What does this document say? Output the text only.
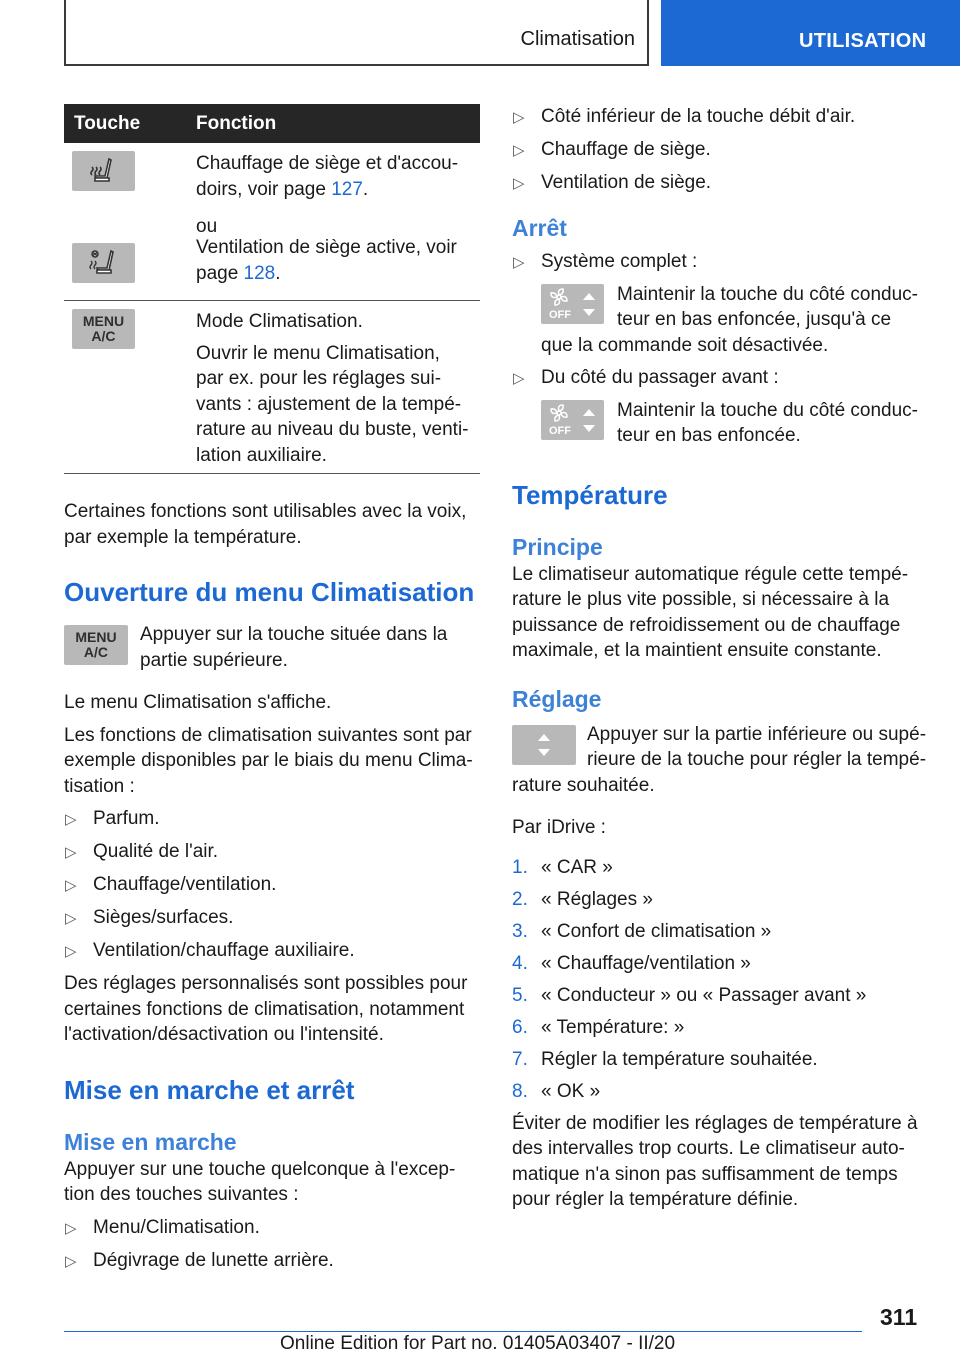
Climatisation	UTILISATION
Touche	Fonction
Chauffage de siège et d'accou-
doirs, voir page 127.
ou
Ventilation de siège active, voir
page 128.
MENU
A/C
Mode Climatisation.
Ouvrir le menu Climatisation,
par ex. pour les réglages sui-
vants : ajustement de la tempé-
rature au niveau du buste, venti-
lation auxiliaire.
Certaines fonctions sont utilisables avec la voix,
par exemple la température.
Ouverture du menu Climatisation
MENU
A/C
Appuyer sur la touche située dans la
partie supérieure.
Le menu Climatisation s'affiche.
Les fonctions de climatisation suivantes sont par
exemple disponibles par le biais du menu Clima-
tisation :
▷ Parfum.
▷ Qualité de l'air.
▷ Chauffage/ventilation.
▷ Sièges/surfaces.
▷ Ventilation/chauffage auxiliaire.
Des réglages personnalisés sont possibles pour
certaines fonctions de climatisation, notamment
l'activation/désactivation ou l'intensité.
Mise en marche et arrêt
Mise en marche
Appuyer sur une touche quelconque à l'excep-
tion des touches suivantes :
▷ Menu/Climatisation.
▷ Dégivrage de lunette arrière.
▷ Côté inférieur de la touche débit d'air.
▷ Chauffage de siège.
▷ Ventilation de siège.
Arrêt
▷ Système complet :
OFF
Maintenir la touche du côté conduc-
teur en bas enfoncée, jusqu'à ce
que la commande soit désactivée.
▷ Du côté du passager avant :
OFF
Maintenir la touche du côté conduc-
teur en bas enfoncée.
Température
Principe
Le climatiseur automatique régule cette tempé-
rature le plus vite possible, si nécessaire à la
puissance de refroidissement ou de chauffage
maximale, et la maintient ensuite constante.
Réglage
Appuyer sur la partie inférieure ou supé-
rieure de la touche pour régler la tempé-
rature souhaitée.
Par iDrive :
1. « CAR »
2. « Réglages »
3. « Confort de climatisation »
4. « Chauffage/ventilation »
5. « Conducteur » ou « Passager avant »
6. « Température: »
7. Régler la température souhaitée.
8. « OK »
Éviter de modifier les réglages de température à
des intervalles trop courts. Le climatiseur auto-
matique n'a sinon pas suffisamment de temps
pour régler la température définie.
311
Online Edition for Part no. 01405A03407 - II/20
